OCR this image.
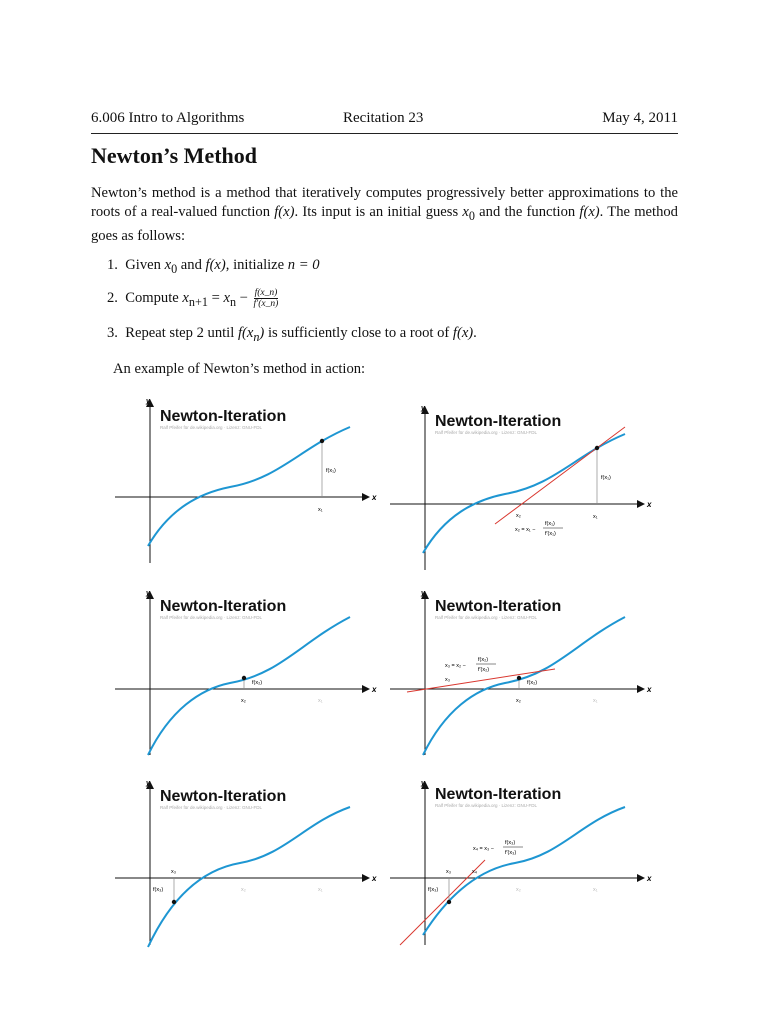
6.006 Intro to Algorithms	Recitation 23	May 4, 2011
Newton’s Method

Newton’s method is a method that iteratively computes progressively better approximations to the roots of a real-valued function f(x). Its input is an initial guess $x_0$ and the function f(x). The method goes as follows:

1. Given $x_0$ and f(x), initialize n = 0
2. Compute $x_{n+1} = x_n - \frac{f(x\_n)}{f'(x\_n)}$
3. Repeat step 2 until $f(x_n)$ is sufficiently close to a root of f(x).
An example of Newton’s method in action:
y
x
Newton-Iteration
Ralf Pfeifer für de.wikipedia.org · Lizenz: GNU-FDL
f(x₁)
x₁
y
x
Newton-Iteration
Ralf Pfeifer für de.wikipedia.org · Lizenz: GNU-FDL
f(x₁)
x₁
x₂
x₂ = x₁ −
f(x₁)
f′(x₁)
y
x
Newton-Iteration
Ralf Pfeifer für de.wikipedia.org · Lizenz: GNU-FDL
f(x₂)
x₂	x₁
y
x
Newton-Iteration
Ralf Pfeifer für de.wikipedia.org · Lizenz: GNU-FDL
f(x₂)
x₂	x₁
x₃
x₃ = x₂ −
f(x₂)
f′(x₂)
y
x
Newton-Iteration
Ralf Pfeifer für de.wikipedia.org · Lizenz: GNU-FDL
f(x₃)
x₃
x₂	x₁
y
x
Newton-Iteration
Ralf Pfeifer für de.wikipedia.org · Lizenz: GNU-FDL
f(x₃)
x₃	x₄
x₂	x₁
x₄ = x₃ −
f(x₃)
f′(x₃)
